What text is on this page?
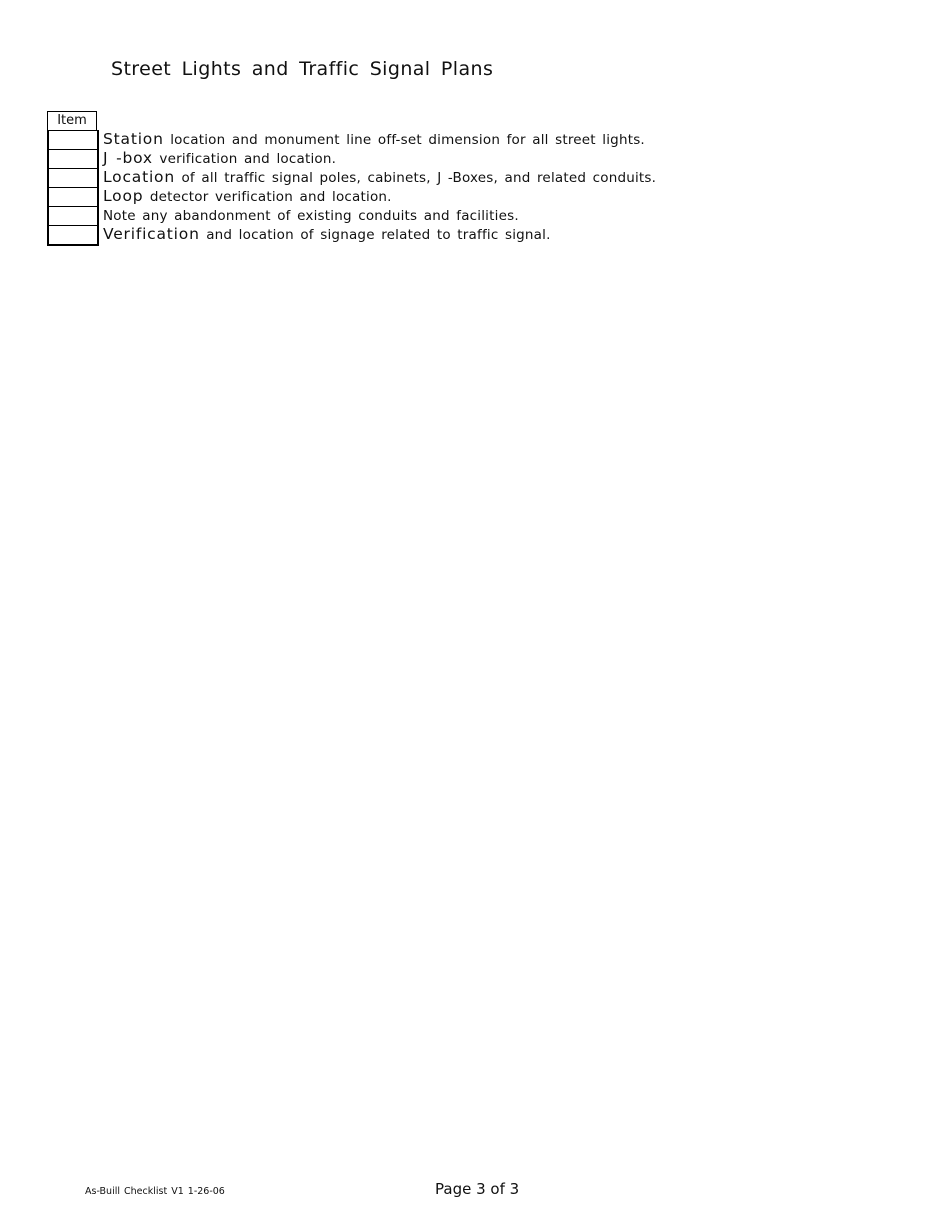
Street Lights and Traffic Signal Plans
Item
Station location and monument line off-set dimension for all street lights.
J -box verification and location.
Location of all traffic signal poles, cabinets, J -Boxes, and related conduits.
Loop detector verification and location.
Note any abandonment of existing conduits and facilities.
Verification and location of signage related to traffic signal.
As-Buill Checklist V1 1-26-06	Page 3 of 3
